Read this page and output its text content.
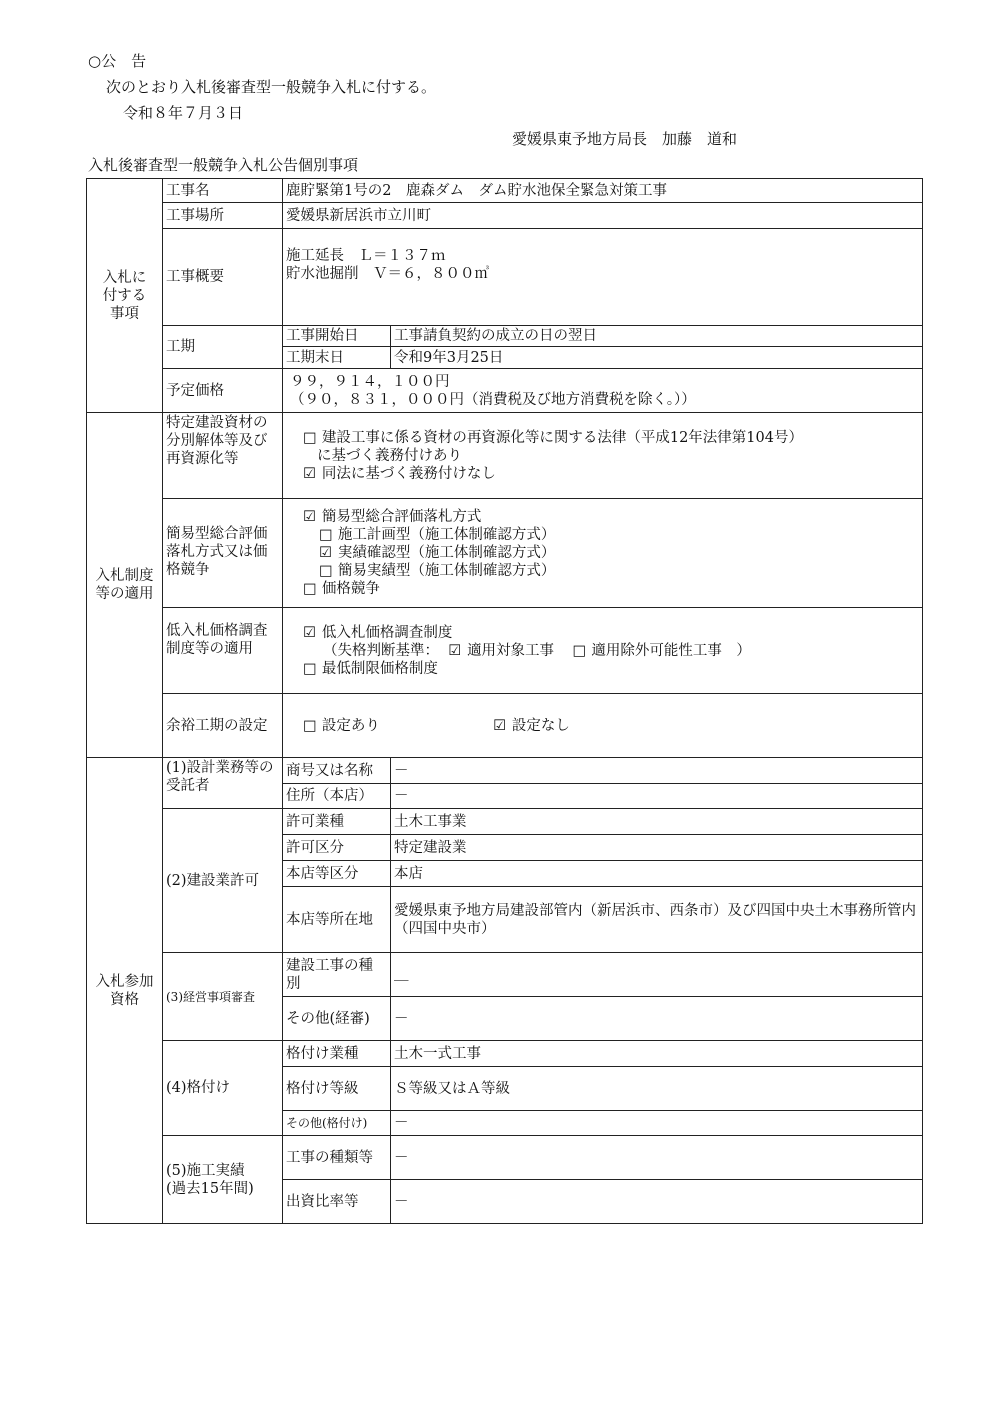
○公　告
次のとおり入札後審査型一般競争入札に付する。
令和８年７月３日
愛媛県東予地方局長　加藤　道和
入札後審査型一般競争入札公告個別事項
入札に
付する
事項	工事名	鹿貯緊第1号の2　鹿森ダム　ダム貯水池保全緊急対策工事	
	工事場所	愛媛県新居浜市立川町	
	工事概要	施工延長　Ｌ＝１３７ｍ
貯水池掘削　Ｖ＝６，８００㎥	

	工期	工事開始日	工事請負契約の成立の日の翌日
		工期末日	令和9年3月25日
	予定価格	９９，９１４，１００円
（９０，８３１，０００円（消費税及び地方消費税を除く。））	

入札制度
等の適用	特定建設資材の分別解体等及び再資源化等	□ 建設工事に係る資材の再資源化等に関する法律（平成12年法律第104号）
に基づく義務付けあり
☑ 同法に基づく義務付けなし	

	簡易型総合評価落札方式又は価格競争	☑ 簡易型総合評価落札方式
□ 施工計画型（施工体制確認方式）
☑ 実績確認型（施工体制確認方式）
□ 簡易実績型（施工体制確認方式）
□ 価格競争	

	低入札価格調査制度等の適用	☑ 低入札価格調査制度
（失格判断基準： ☑ 適用対象工事 □ 適用除外可能性工事　）
□ 最低制限価格制度	

	余裕工期の設定	□ 設定あり ☑ 設定なし	

入札参加
資格	(1)設計業務等の受託者	商号又は名称	－
		住所（本店）	－
	(2)建設業許可	許可業種	土木工事業
		許可区分	特定建設業
		本店等区分	本店
		本店等所在地	愛媛県東予地方局建設部管内（新居浜市、西条市）及び四国中央土木事務所管内（四国中央市）
	(3)経営事項審査	建設工事の種別	＿
		その他(経審)	－
	(4)格付け	格付け業種	土木一式工事
		格付け等級	Ｓ等級又はＡ等級
		その他(格付け)	－

	(5)施工実績
(過去15年間)	工事の種類等	－
		出資比率等	－
